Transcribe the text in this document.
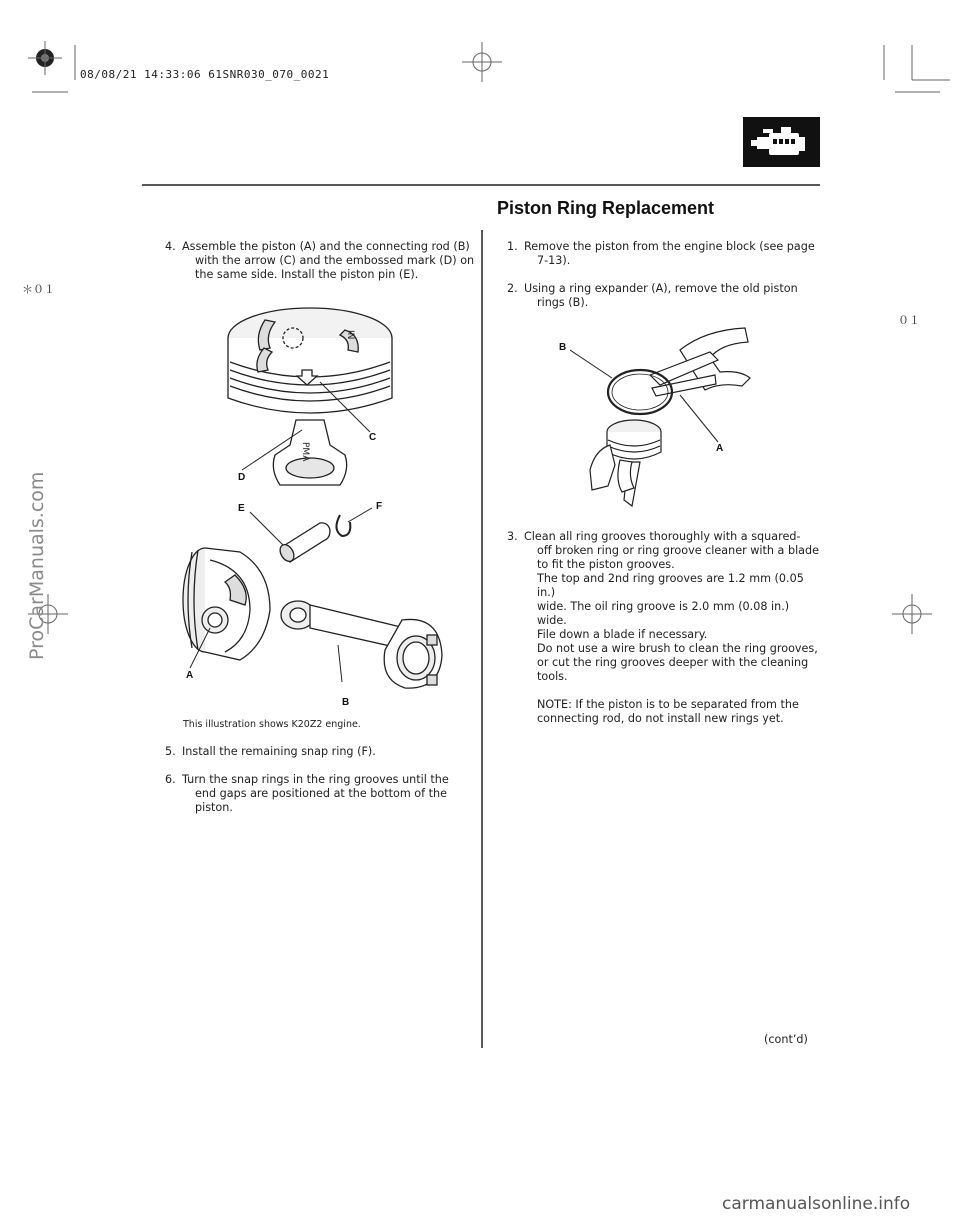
08/08/21 14:33:06 61SNR030_070_0021
Piston Ring Replacement
＊０１
０１
4. Assemble the piston (A) and the connecting rod (B)
with the arrow (C) and the embossed mark (D) on
the same side. Install the piston pin (E).
PMA
IN
C
D
E	F
A
B
This illustration shows K20Z2 engine.
5. Install the remaining snap ring (F).
6. Turn the snap rings in the ring grooves until the
end gaps are positioned at the bottom of the piston.
1. Remove the piston from the engine block (see page
7-13).
2. Using a ring expander (A), remove the old piston
rings (B).
B
A
3. Clean all ring grooves thoroughly with a squared-
off broken ring or ring groove cleaner with a blade
to fit the piston grooves.
The top and 2nd ring grooves are 1.2 mm (0.05 in.)
wide. The oil ring groove is 2.0 mm (0.08 in.) wide.
File down a blade if necessary.
Do not use a wire brush to clean the ring grooves,
or cut the ring grooves deeper with the cleaning
tools.
NOTE: If the piston is to be separated from the
connecting rod, do not install new rings yet.
(cont’d)
ProCarManuals.com
carmanualsonline.info
